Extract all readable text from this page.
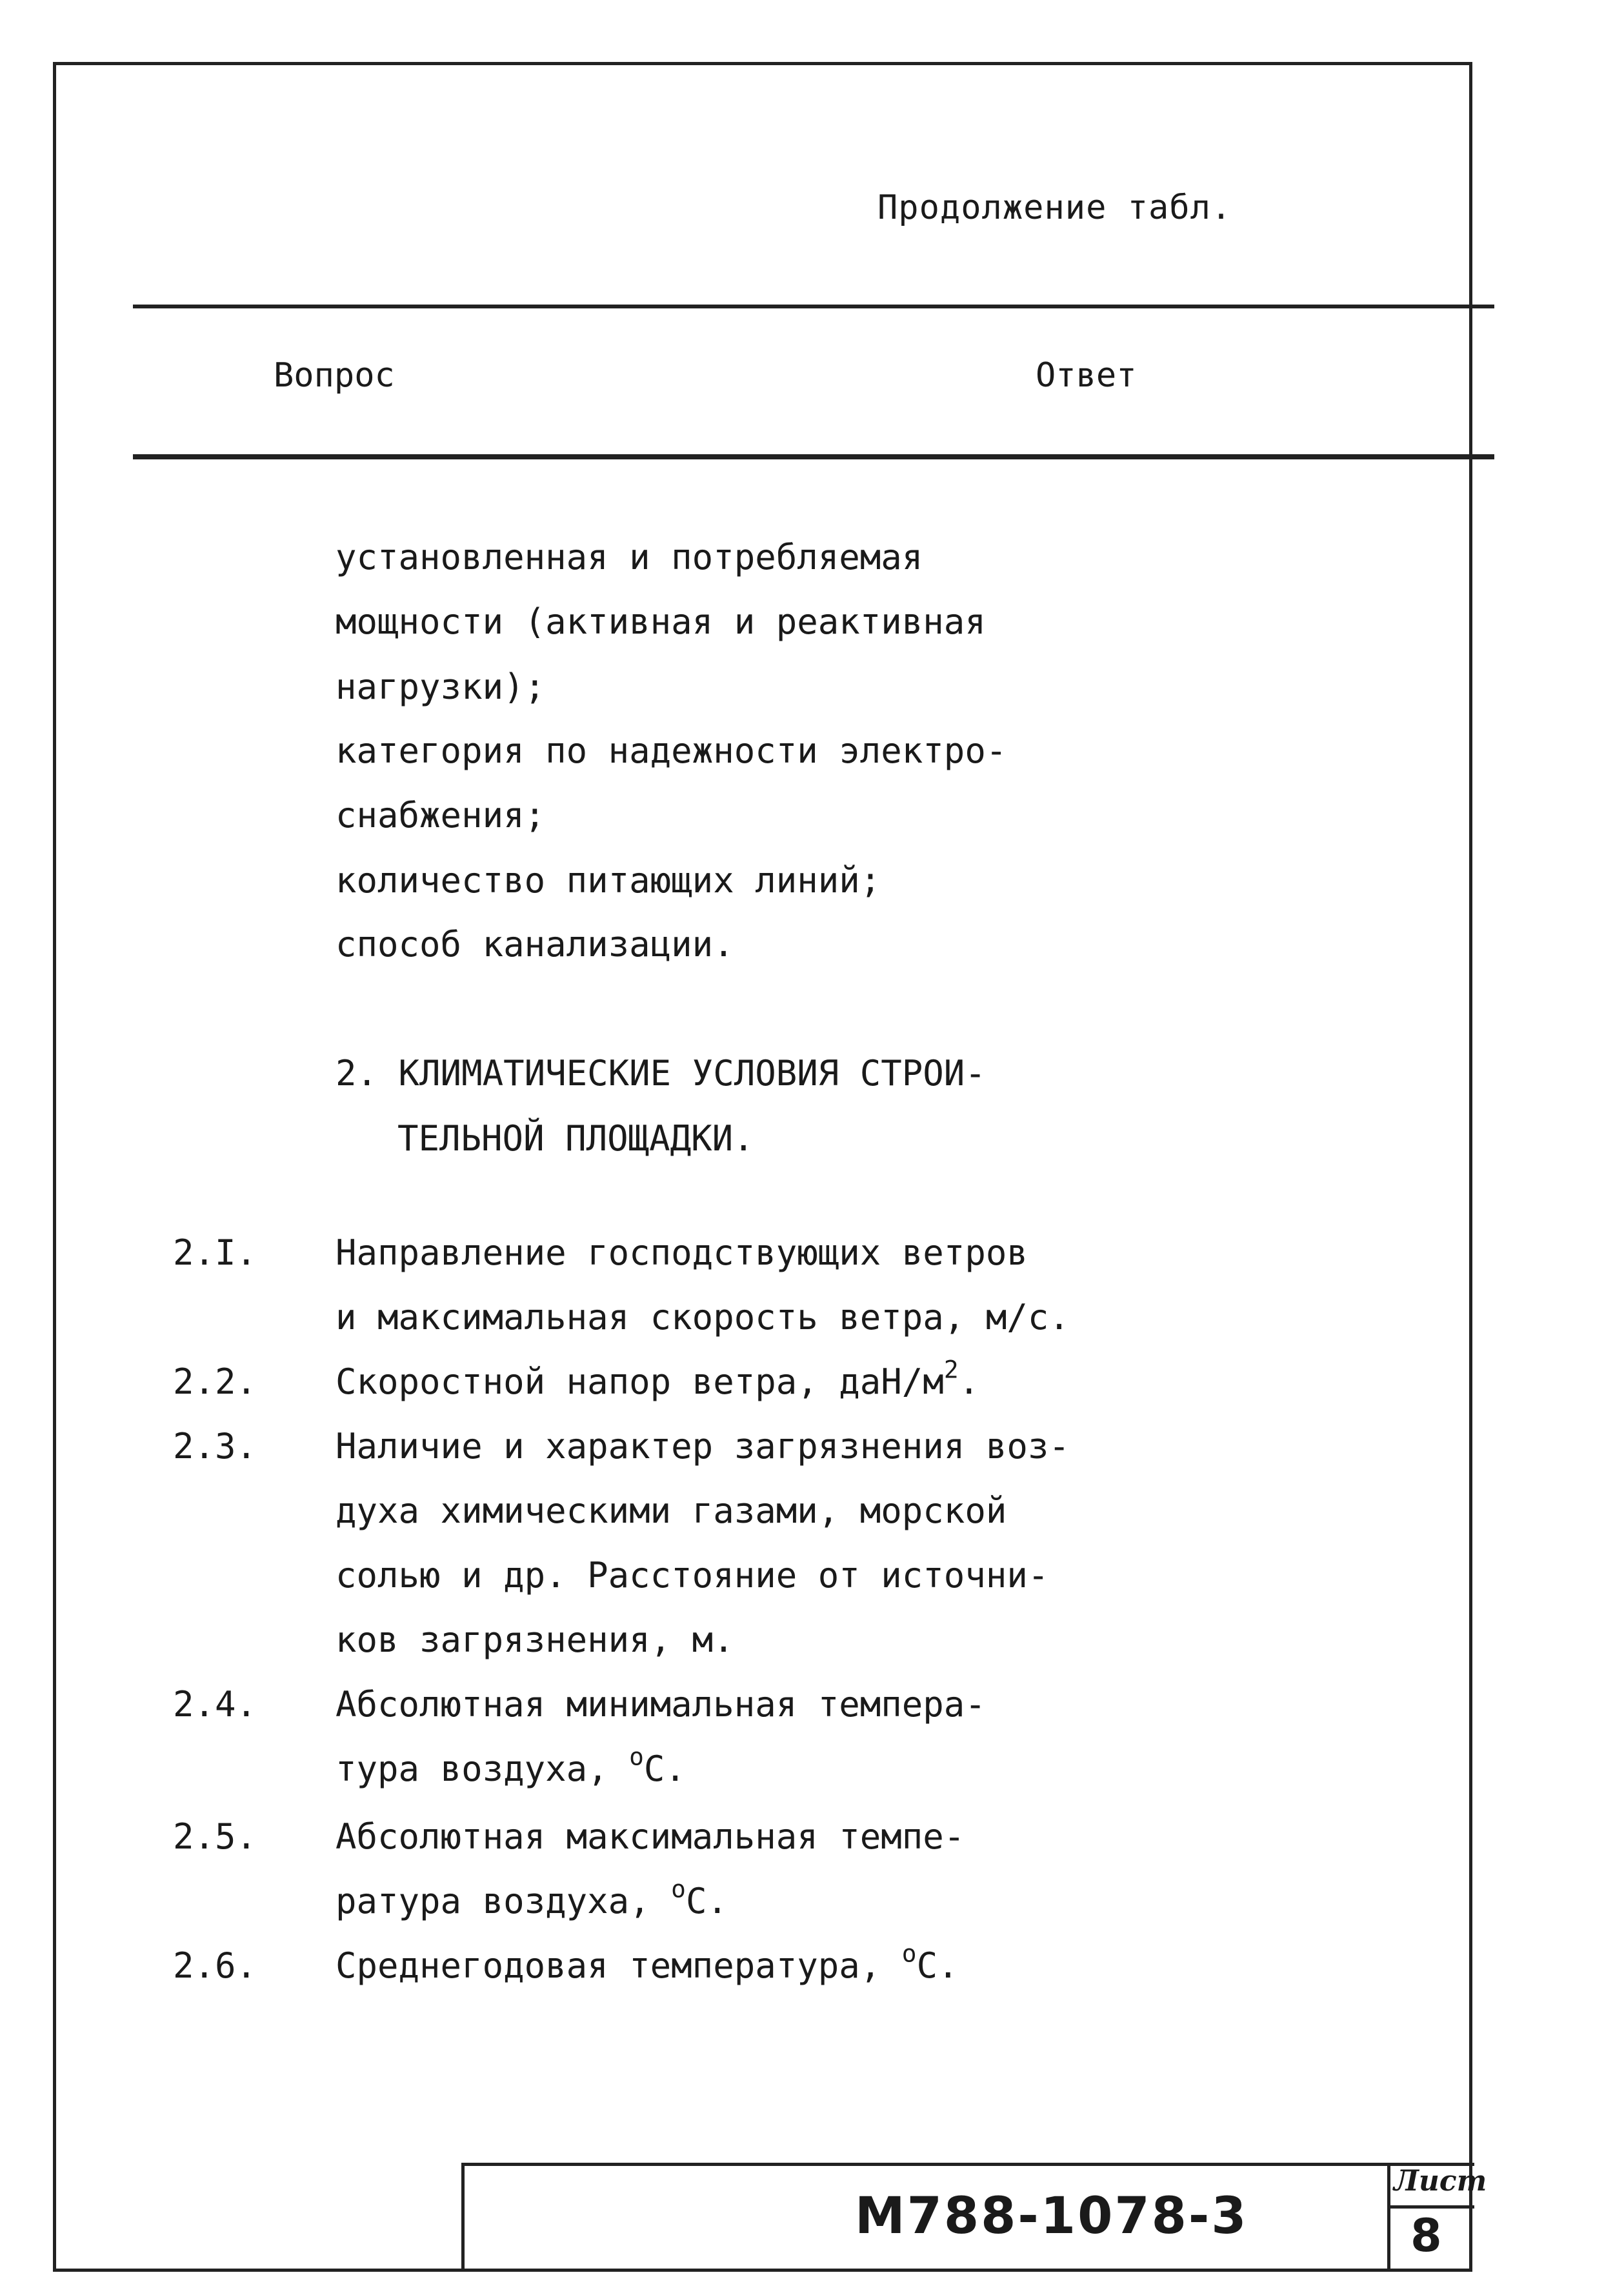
Продолжение табл.
Вопрос	Ответ
установленная и потребляемая
мощности (активная и реактивная
нагрузки);
категория по надежности электро-
снабжения;
количество питающих линий;
способ канализации.
2. КЛИМАТИЧЕСКИЕ УСЛОВИЯ СТРОИ-
ТЕЛЬНОЙ ПЛОЩАДКИ.
2.I. Направление господствующих ветров
и максимальная скорость ветра, м/с.
2.2. Скоростной напор ветра, даН/$м^2$.
2.3. Наличие и характер загрязнения воз-
духа химическими газами, морской
солью и др. Расстояние от источни-
ков загрязнения, м.
2.4. Абсолютная минимальная темпера-
тура воздуха, $^о$С.
2.5. Абсолютная максимальная темпе-
ратура воздуха, $^о$С.
2.6. Среднегодовая температура, $^о$С.
М788-1078-3
Лист
8
